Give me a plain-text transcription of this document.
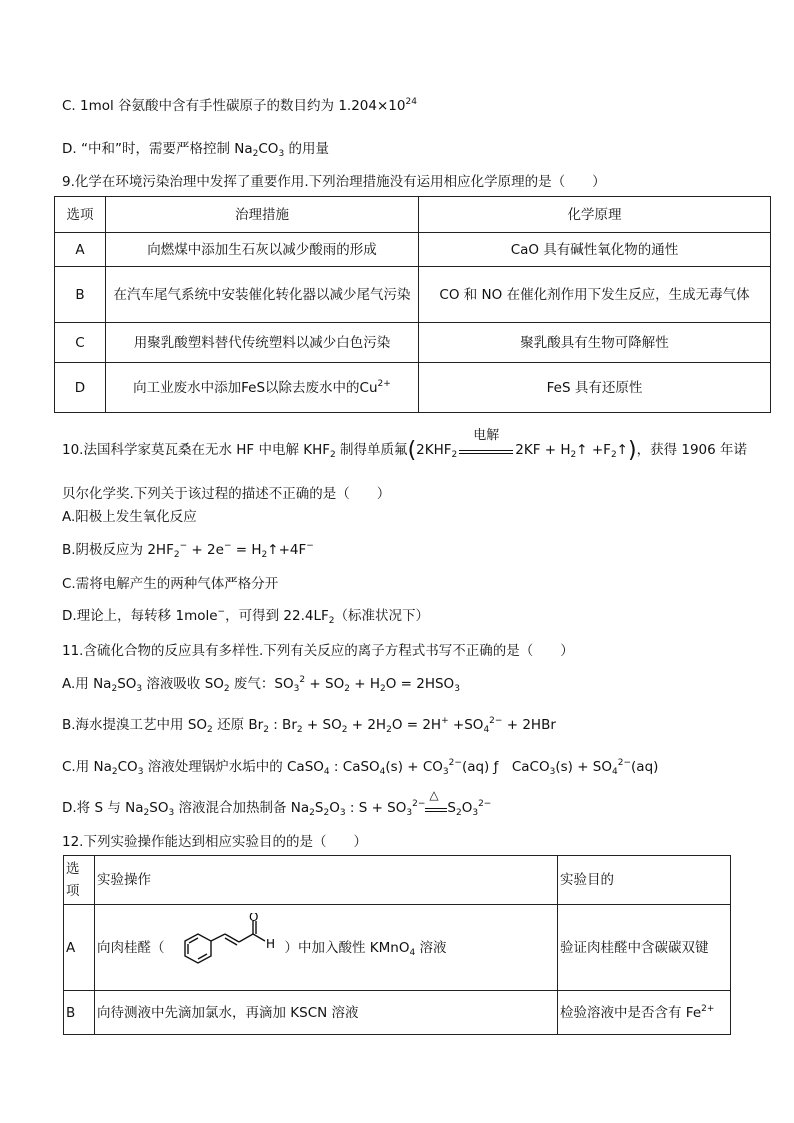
C. 1mol 谷氨酸中含有手性碳原子的数目约为 $1.204\times 10^{24}$
D. “中和”时，需要严格控制 $Na_2CO_3$ 的用量
9.化学在环境污染治理中发挥了重要作用.下列治理措施没有运用相应化学原理的是（　　）
选项	治理措施	化学原理
A	向燃煤中添加生石灰以减少酸雨的形成	CaO 具有碱性氧化物的通性
B	在汽车尾气系统中安装催化转化器以减少尾气污染	CO 和 NO 在催化剂作用下发生反应，生成无毒气体
C	用聚乳酸塑料替代传统塑料以减少白色污染	聚乳酸具有生物可降解性
D	向工业废水中添加FeS以除去废水中的$Cu^{2+}$	FeS 具有还原性
10.法国科学家莫瓦桑在无水 HF 中电解 $KHF_2$ 制得单质氟($2KHF_2$
电解
$2KF + H_2↑$ $+F_2↑$)，获得 1906 年诺
贝尔化学奖.下列关于该过程的描述不正确的是（　　）
A.阳极上发生氧化反应
B.阴极反应为 $2HF_2^- + 2e^-$ = $H_2↑+4F^-$
C.需将电解产生的两种气体严格分开
D.理论上，每转移 1mole−，可得到 $22.4LF_2$（标准状况下）
11.含硫化合物的反应具有多样性.下列有关反应的离子方程式书写不正确的是（　　）
A.用 $Na_2SO_3$ 溶液吸收 $SO_2$ 废气：$SO_3^2 + SO_2 + H_2O = 2HSO_3$
B.海水提溴工艺中用 $SO_2$ 还原 $Br_2$ : $Br_2 + SO_2 + 2H_2O = 2H^+ +SO_4^{2-} + 2HBr$
C.用 $Na_2CO_3$ 溶液处理锅炉水垢中的 CaSO$_4$ : CaSO$_4$(s) + $CO_3^{2-}(aq)$ ƒ　CaCO$_3$(s) + $SO_4^{2-}(aq)$
D.将 S 与 $Na_2SO_3$ 溶液混合加热制备 $Na_2S_2O_3$ : $S + SO_3^{2-}$
△
$S_2O_3^{2-}$
12.下列实验操作能达到相应实验目的的是（　　）
选项	实验操作	实验目的
A	向肉桂醛（
O
H ）中加入酸性 KMnO$_4$ 溶液	验证肉桂醛中含碳碳双键
B	向待测液中先滴加氯水，再滴加 KSCN 溶液	检验溶液中是否含有 $Fe^{2+}$
